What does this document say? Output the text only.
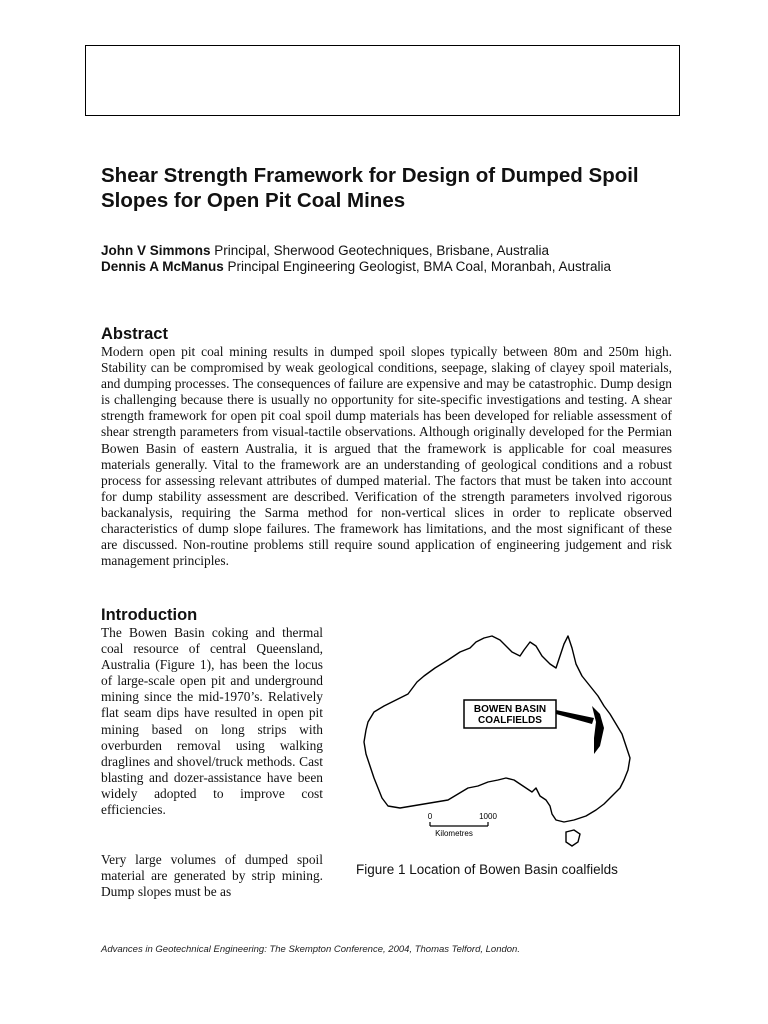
Shear Strength Framework for Design of Dumped Spoil Slopes for Open Pit Coal Mines
John V Simmons Principal, Sherwood Geotechniques, Brisbane, Australia
Dennis A McManus Principal Engineering Geologist, BMA Coal, Moranbah, Australia
Abstract

Modern open pit coal mining results in dumped spoil slopes typically between 80m and 250m high. Stability can be compromised by weak geological conditions, seepage, slaking of clayey spoil materials, and dumping processes. The consequences of failure are expensive and may be catastrophic. Dump design is challenging because there is usually no opportunity for site-specific investigations and testing. A shear strength framework for open pit coal spoil dump materials has been developed for reliable assessment of shear strength parameters from visual-tactile observations. Although originally developed for the Permian Bowen Basin of eastern Australia, it is argued that the framework is applicable for coal measures materials generally. Vital to the framework are an understanding of geological conditions and a robust process for assessing relevant attributes of dumped material. The factors that must be taken into account for dump stability assessment are described. Verification of the strength parameters involved rigorous backanalysis, requiring the Sarma method for non-vertical slices in order to replicate observed characteristics of dump slope failures. The framework has limitations, and the most significant of these are discussed. Non-routine problems still require sound application of engineering judgement and risk management principles.

Introduction

The Bowen Basin coking and thermal coal resource of central Queensland, Australia (Figure 1), has been the locus of large-scale open pit and underground mining since the mid-1970’s. Relatively flat seam dips have resulted in open pit mining based on long strips with overburden removal using walking draglines and shovel/truck methods. Cast blasting and dozer-assistance have been widely adopted to improve cost efficiencies.

Very large volumes of dumped spoil material are generated by strip mining. Dump slopes must be as

BOWEN BASIN
COALFIELDS
0	1000
Kilometres
Figure 1 Location of Bowen Basin coalfields
Advances in Geotechnical Engineering: The Skempton Conference, 2004, Thomas Telford, London.
